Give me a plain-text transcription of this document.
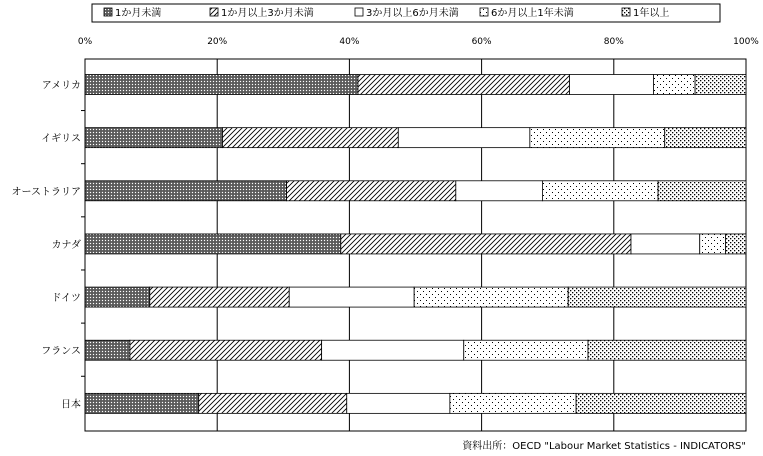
1か月未満	1か月以上3か月未満	3か月以上6か月未満	6か月以上1年未満	1年以上
0%	20%	40%	60%	80%	100%
アメリカ
イギリス
オーストラリア
カナダ
ドイツ
フランス
日本
資料出所：OECD "Labour Market Statistics - INDICATORS"
